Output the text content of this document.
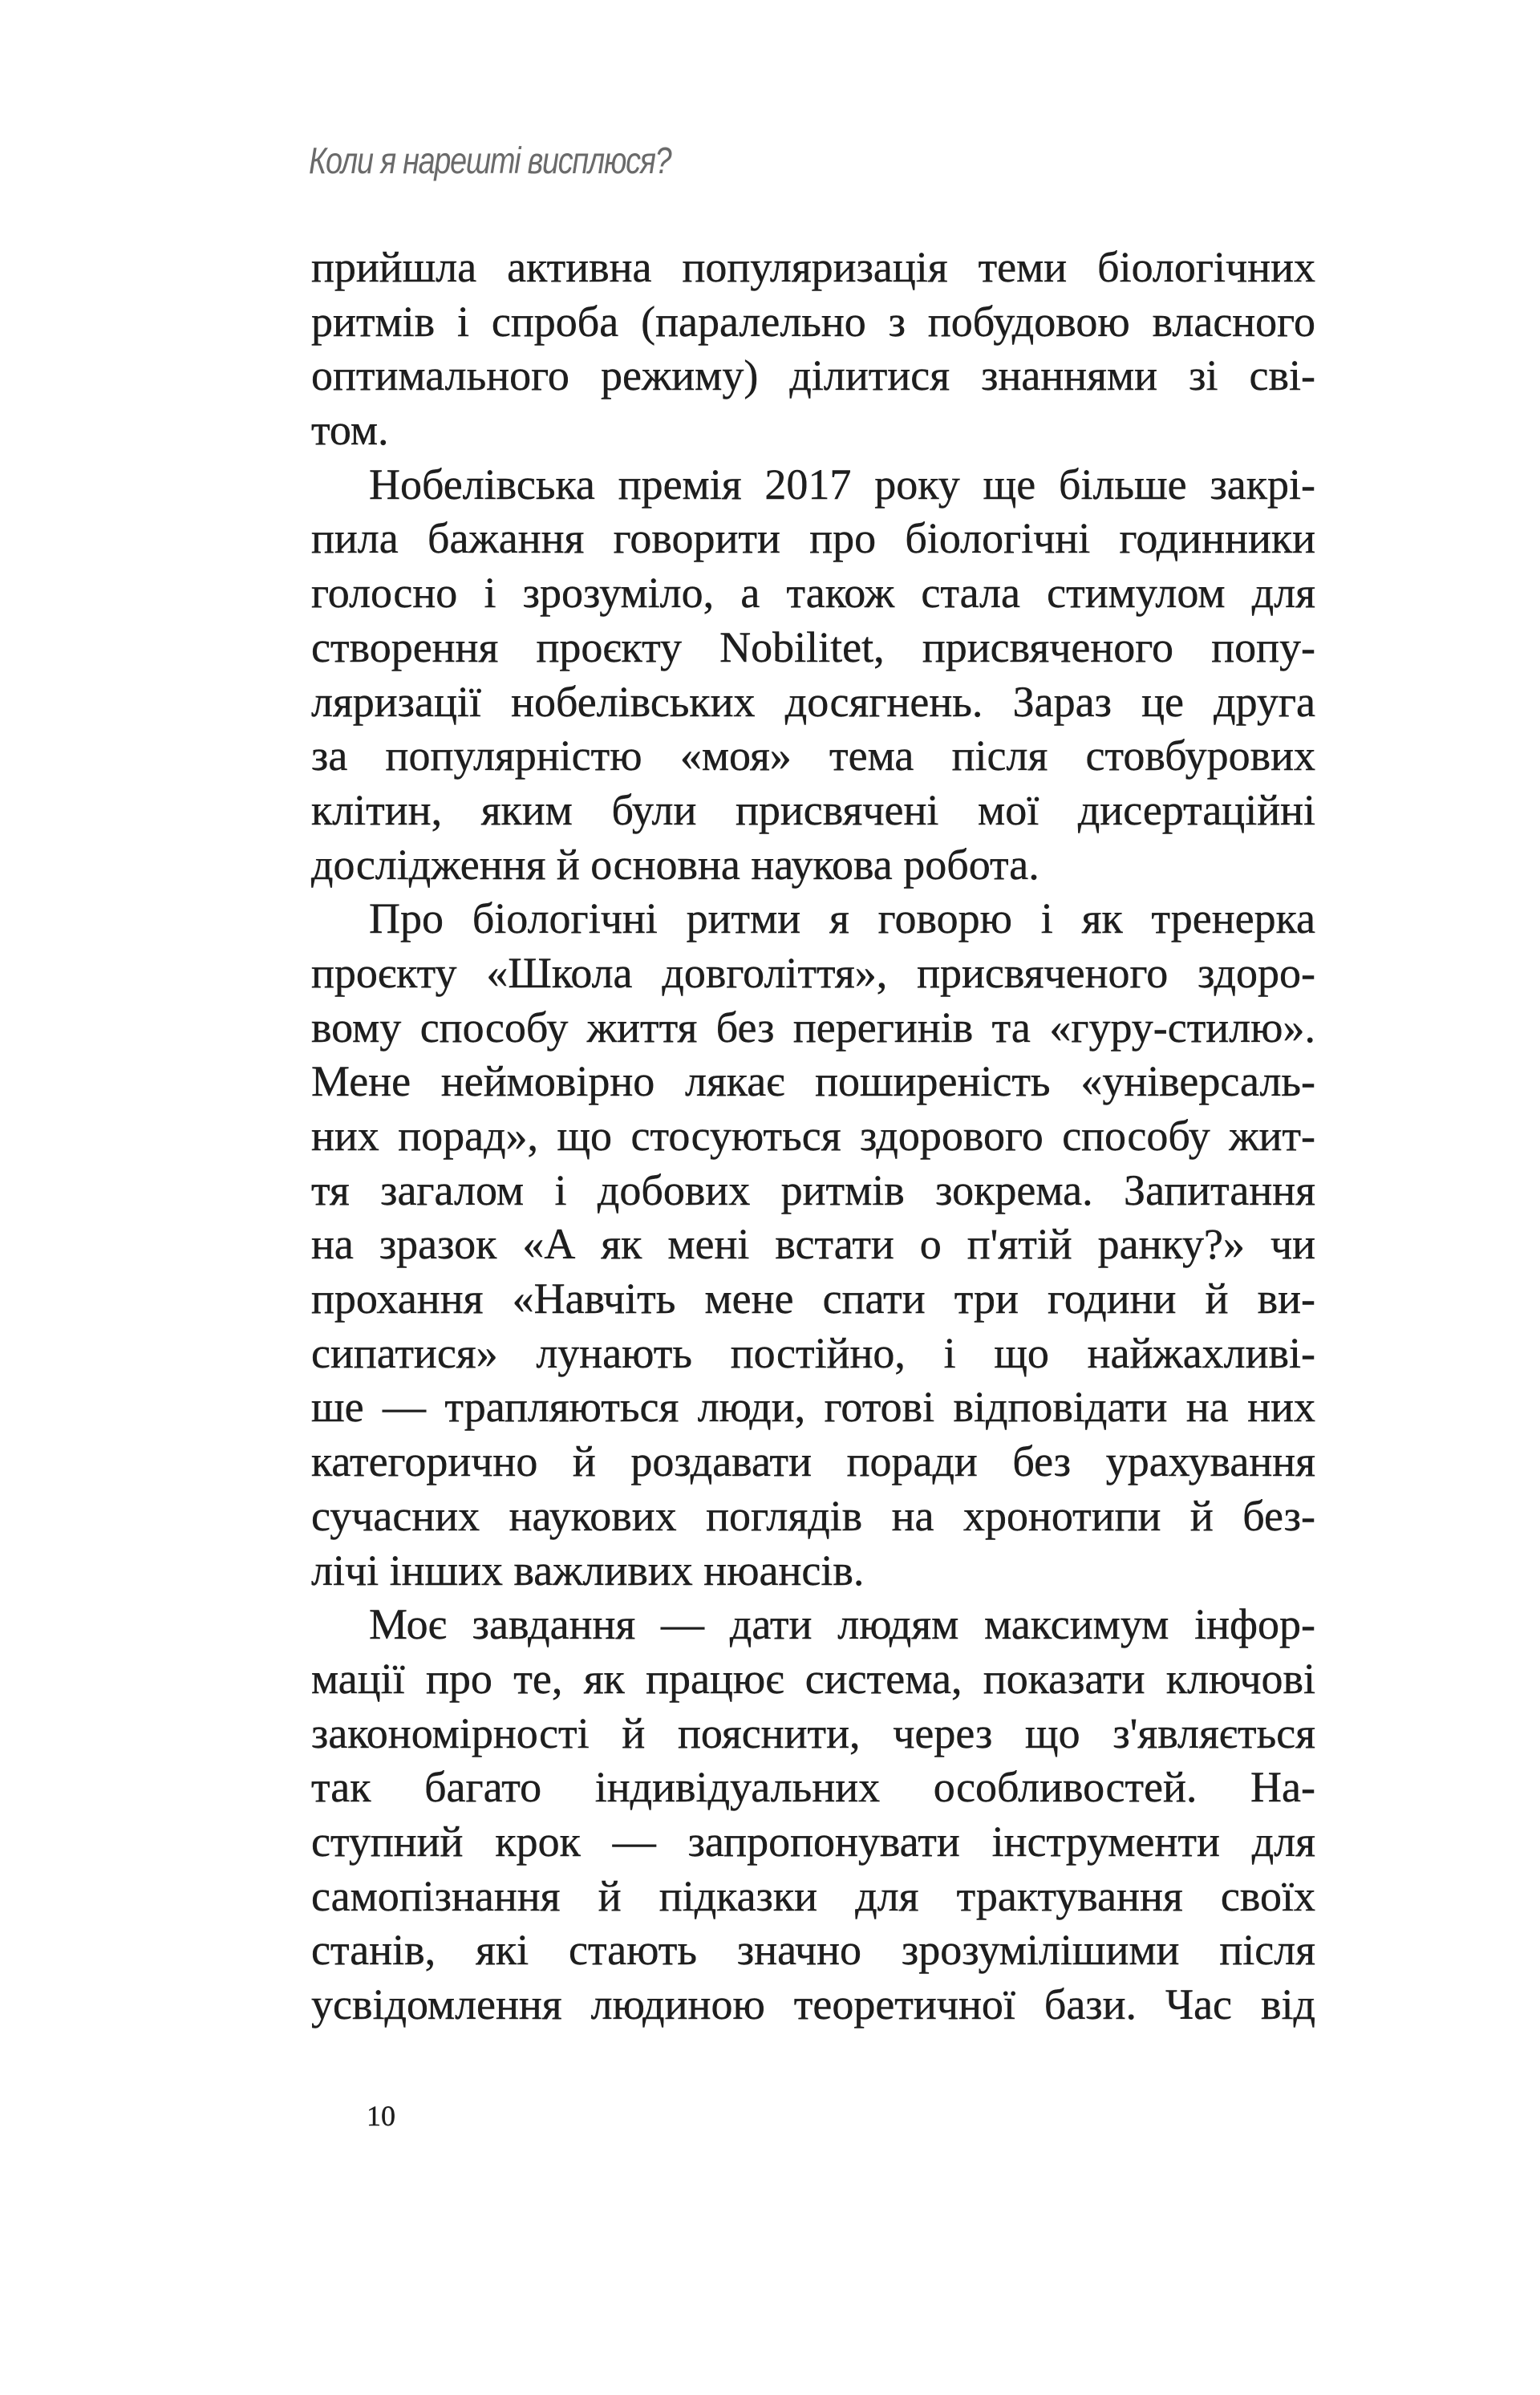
Коли я нарешті висплюся?
прийшла активна популяризація теми біологічних
ритмів і спроба (паралельно з побудовою власного
оптимального режиму) ділитися знаннями зі сві-
том.
Нобелівська премія 2017 року ще більше закрі-
пила бажання говорити про біологічні годинники
голосно і зрозуміло, а також стала стимулом для
створення проєкту Nobilitet, присвяченого попу-
ляризації нобелівських досягнень. Зараз це друга
за популярністю «моя» тема після стовбурових
клітин, яким були присвячені мої дисертаційні
дослідження й основна наукова робота.
Про біологічні ритми я говорю і як тренерка
проєкту «Школа довголіття», присвяченого здоро-
вому способу життя без перегинів та «гуру-стилю».
Мене неймовірно лякає поширеність «універсаль-
них порад», що стосуються здорового способу жит-
тя загалом і добових ритмів зокрема. Запитання
на зразок «А як мені встати о п'ятій ранку?» чи
прохання «Навчіть мене спати три години й ви-
сипатися» лунають постійно, і що найжахливі-
ше — трапляються люди, готові відповідати на них
категорично й роздавати поради без урахування
сучасних наукових поглядів на хронотипи й без-
лічі інших важливих нюансів.
Моє завдання — дати людям максимум інфор-
мації про те, як працює система, показати ключові
закономірності й пояснити, через що з'являється
так багато індивідуальних особливостей. На-
ступний крок — запропонувати інструменти для
самопізнання й підказки для трактування своїх
станів, які стають значно зрозумілішими після
усвідомлення людиною теоретичної бази. Час від
10
